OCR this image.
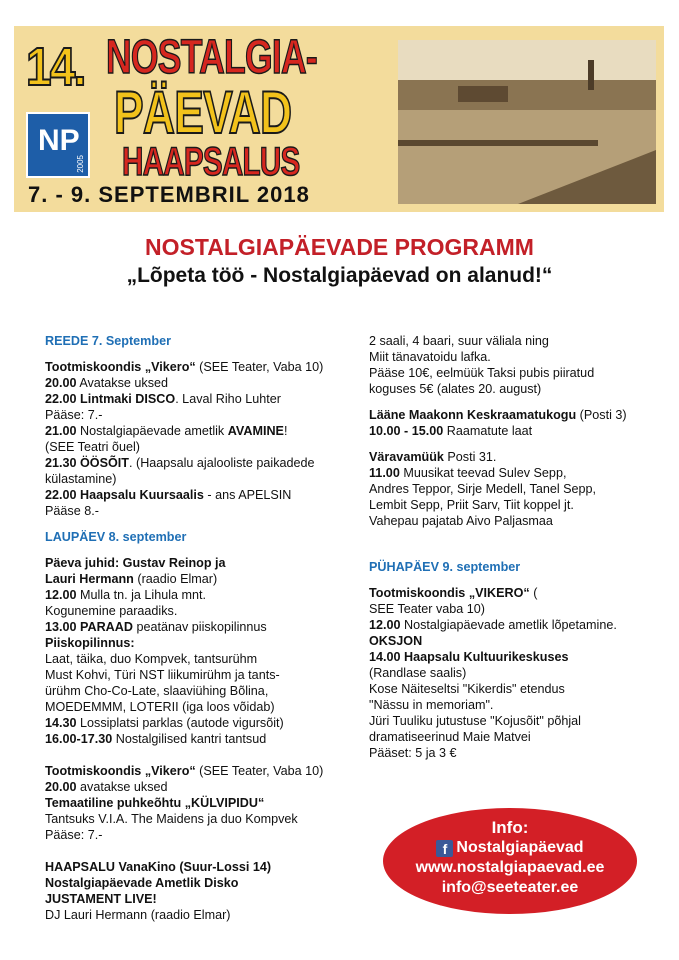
14. NOSTALGIA-
PÄEVAD
HAAPSALUS
NP
2005
7. - 9. SEPTEMBRIL 2018
NOSTALGIAPÄEVADE PROGRAMM
„Lõpeta töö - Nostalgiapäevad on alanud!“
REEDE 7. September
Tootmiskoondis „Vikero“ (SEE Teater, Vaba 10)
20.00 Avatakse uksed
22.00 Lintmaki DISCO. Laval Riho Luhter
Pääse: 7.-
21.00 Nostalgiapäevade ametlik AVAMINE!
(SEE Teatri õuel)
21.30 ÖÖSÕIT. (Haapsalu ajalooliste paikadede
külastamine)
22.00 Haapsalu Kuursaalis - ans APELSIN
Pääse 8.-
LAUPÄEV 8. september
Päeva juhid: Gustav Reinop ja
Lauri Hermann (raadio Elmar)
12.00 Mulla tn. ja Lihula mnt.
Kogunemine paraadiks.
13.00 PARAAD peatänav piiskopilinnus
Piiskopilinnus:
Laat, täika, duo Kompvek, tantsurühm
Must Kohvi, Türi NST liikumirühm ja tants-
ürühm Cho-Co-Late, slaaviühing Bõlina,
MOEDEMMM, LOTERII (iga loos võidab)
14.30 Lossiplatsi parklas (autode vigursõit)
16.00-17.30 Nostalgilised kantri tantsud
Tootmiskoondis „Vikero“ (SEE Teater, Vaba 10)
20.00 avatakse uksed
Temaatiline puhkeõhtu „KÜLVIPIDU“
Tantsuks V.I.A. The Maidens ja duo Kompvek
Pääse: 7.-
HAAPSALU VanaKino (Suur-Lossi 14)
Nostalgiapäevade Ametlik Disko
JUSTAMENT LIVE!
DJ Lauri Hermann (raadio Elmar)
2 saali, 4 baari, suur väliala ning
Miit tänavatoidu lafka.
Pääse 10€, eelmüük Taksi pubis piiratud
koguses 5€ (alates 20. august)
Lääne Maakonn Keskraamatukogu (Posti 3)
10.00 - 15.00 Raamatute laat
Väravamüük Posti 31.
11.00 Muusikat teevad Sulev Sepp,
Andres Teppor, Sirje Medell, Tanel Sepp,
Lembit Sepp, Priit Sarv, Tiit koppel jt.
Vahepau pajatab Aivo Paljasmaa
PÜHAPÄEV 9. september
Tootmiskoondis „VIKERO“ (
SEE Teater vaba 10)
12.00 Nostalgiapäevade ametlik lõpetamine.
OKSJON
14.00 Haapsalu Kultuurikeskuses
(Randlase saalis)
Kose Näiteseltsi "Kikerdis" etendus
"Nässu in memoriam".
Jüri Tuuliku jutustuse "Kojusõit" põhjal
dramatiseerinud Maie Matvei
Pääset: 5 ja 3 €
Info:
f Nostalgiapäevad
www.nostalgiapaevad.ee
info@seeteater.ee
